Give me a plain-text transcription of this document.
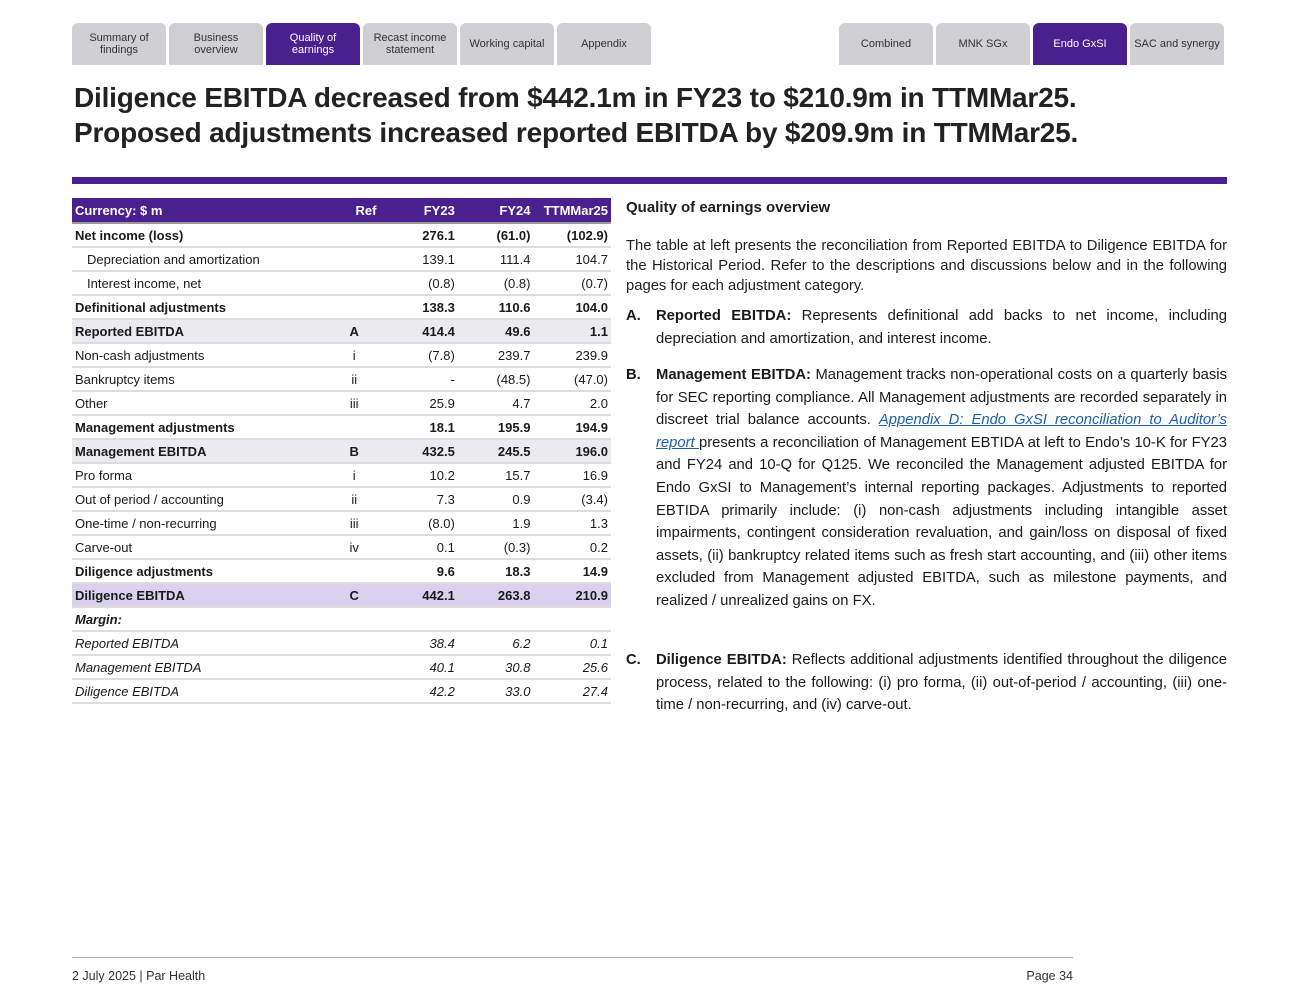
Summary of findings
Business overview
Quality of earnings
Recast income statement	Working capital	Appendix	Combined	MNK SGx	Endo GxSI	SAC and synergy
Diligence EBITDA decreased from $442.1m in FY23 to $210.9m in TTMMar25.
Proposed adjustments increased reported EBITDA by $209.9m in TTMMar25.
Currency: $ m	Ref	FY23	FY24	TTMMar25
Net income (loss)		276.1	(61.0)	(102.9)
Depreciation and amortization		139.1	111.4	104.7
Interest income, net		(0.8)	(0.8)	(0.7)
Definitional adjustments		138.3	110.6	104.0
Reported EBITDA	A	414.4	49.6	1.1
Non-cash adjustments	i	(7.8)	239.7	239.9
Bankruptcy items	ii	-	(48.5)	(47.0)
Other	iii	25.9	4.7	2.0
Management adjustments		18.1	195.9	194.9
Management EBITDA	B	432.5	245.5	196.0
Pro forma	i	10.2	15.7	16.9
Out of period / accounting	ii	7.3	0.9	(3.4)
One-time / non-recurring	iii	(8.0)	1.9	1.3
Carve-out	iv	0.1	(0.3)	0.2
Diligence adjustments		9.6	18.3	14.9
Diligence EBITDA	C	442.1	263.8	210.9
Margin:				
Reported EBITDA		38.4	6.2	0.1
Management EBITDA		40.1	30.8	25.6
Diligence EBITDA		42.2	33.0	27.4
Quality of earnings overview
The table at left presents the reconciliation from Reported EBITDA to Diligence EBITDA for the Historical Period. Refer to the descriptions and discussions below and in the following pages for each adjustment category.
A.	Reported EBITDA: Represents definitional add backs to net income, including depreciation and amortization, and interest income.
B.	Management EBITDA: Management tracks non-operational costs on a quarterly basis for SEC reporting compliance. All Management adjustments are recorded separately in discreet trial balance accounts. Appendix D: Endo GxSI reconciliation to Auditor’s report presents a reconciliation of Management EBTIDA at left to Endo’s 10-K for FY23 and FY24 and 10-Q for Q125. We reconciled the Management adjusted EBITDA for Endo GxSI to Management’s internal reporting packages. Adjustments to reported EBTIDA primarily include: (i) non-cash adjustments including intangible asset impairments, contingent consideration revaluation, and gain/loss on disposal of fixed assets, (ii) bankruptcy related items such as fresh start accounting, and (iii) other items excluded from Management adjusted EBITDA, such as milestone payments, and realized / unrealized gains on FX.
C.	Diligence EBITDA: Reflects additional adjustments identified throughout the diligence process, related to the following: (i) pro forma, (ii) out-of-period / accounting, (iii) one-time / non-recurring, and (iv) carve-out.
2 July 2025 | Par Health	Page 34
